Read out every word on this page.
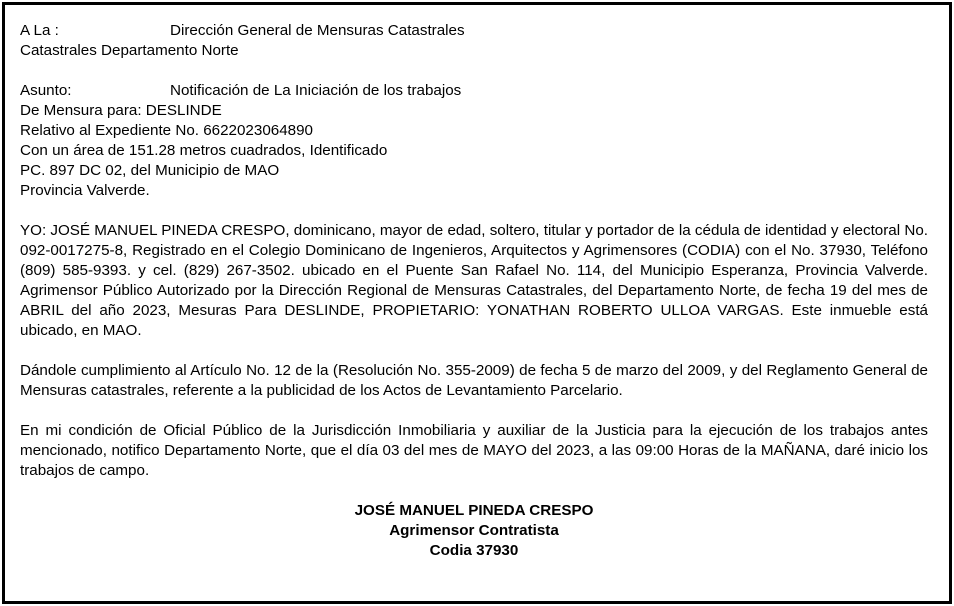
A La :	Dirección General de Mensuras Catastrales
Catastrales Departamento Norte
Asunto:	Notificación de La Iniciación de los trabajos
De Mensura para: DESLINDE
Relativo al Expediente No. 6622023064890
Con un área de 151.28 metros cuadrados, Identificado
PC. 897 DC 02, del Municipio de MAO
Provincia Valverde.

YO: JOSÉ MANUEL PINEDA CRESPO, dominicano, mayor de edad, soltero, titular y portador de la cédula de identidad y electoral No. 092-0017275-8, Registrado en el Colegio Dominicano de Ingenieros, Arquitectos y Agrimensores (CODIA) con el No. 37930, Teléfono (809) 585-9393. y cel. (829) 267-3502. ubicado en el Puente San Rafael No. 114, del Municipio Esperanza, Provincia Valverde. Agrimensor Público Autorizado por la Dirección Regional de Mensuras Catastrales, del Departamento Norte, de fecha 19 del mes de ABRIL del año 2023, Mesuras Para DESLINDE, PROPIETARIO: YONATHAN ROBERTO ULLOA VARGAS. Este inmueble está ubicado, en MAO.

Dándole cumplimiento al Artículo No. 12 de la (Resolución No. 355-2009) de fecha 5 de marzo del 2009, y del Reglamento General de Mensuras catastrales, referente a la publicidad de los Actos de Levantamiento Parcelario.

En mi condición de Oficial Público de la Jurisdicción Inmobiliaria y auxiliar de la Justicia para la ejecución de los trabajos antes mencionado, notifico Departamento Norte, que el día 03 del mes de MAYO del 2023, a las 09:00 Horas de la MAÑANA, daré inicio los trabajos de campo.

JOSÉ MANUEL PINEDA CRESPO
Agrimensor Contratista
Codia 37930
